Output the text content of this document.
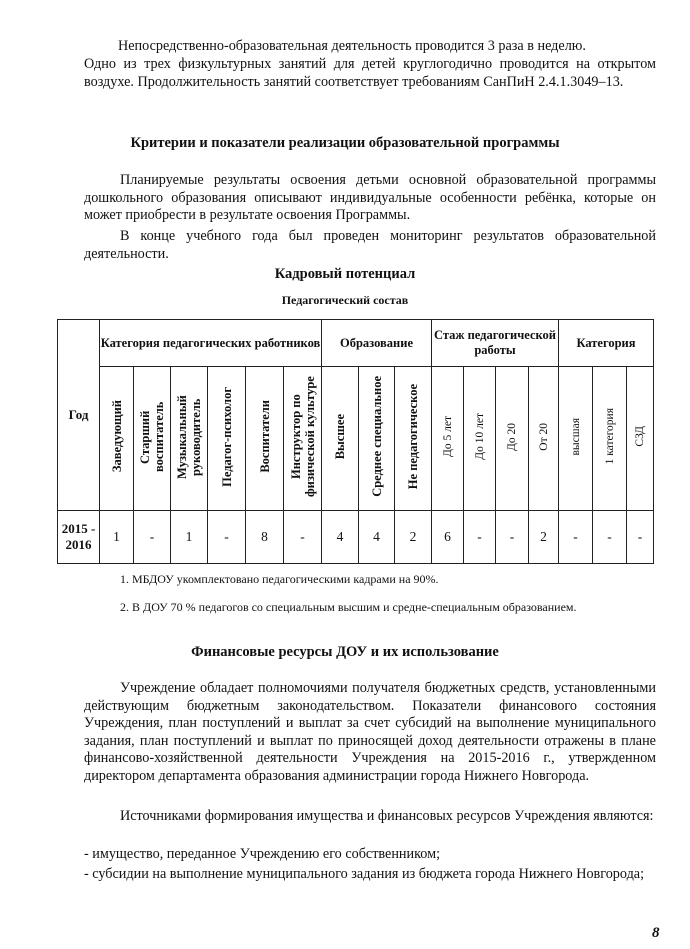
Непосредственно-образовательная деятельность проводится 3 раза в неделю.

Одно из трех физкультурных занятий для детей круглогодично проводится на открытом воздухе. Продолжительность занятий соответствует требованиям СанПиН 2.4.1.3049–13.

Критерии и показатели реализации образовательной программы

Планируемые результаты освоения детьми основной образовательной программы дошкольного образования описывают индивидуальные особенности ребёнка, которые он может приобрести в результате освоения Программы.

В конце учебного года был проведен мониторинг результатов образовательной деятельности.

Кадровый потенциал

Педагогический состав

Год	Категория педагогических работников						Образование			Стаж педагогической работы				Категория		
	Заведующий	Старший воспитатель	Музыкальный руководитель	Педагог-психолог	Воспитатели	Инструктор по физической культуре	Высшее	Среднее специальное	Не педагогическое	До 5 лет	До 10 лет	До 20	От 20	высшая	1 категория	СЗД
2015 - 2016	1	-	1	-	8	-	4	4	2	6	-	-	2	-	-	-

1. МБДОУ укомплектовано педагогическими кадрами на 90%.

2. В ДОУ 70 % педагогов со специальным высшим и средне-специальным образованием.

Финансовые ресурсы ДОУ и их использование

Учреждение обладает полномочиями получателя бюджетных средств, установленными действующим бюджетным законодательством. Показатели финансового состояния Учреждения, план поступлений и выплат за счет субсидий на выполнение муниципального задания, план поступлений и выплат по приносящей доход деятельности отражены в плане финансово-хозяйственной деятельности Учреждения на 2015-2016 г., утвержденном директором департамента образования администрации города Нижнего Новгорода.

Источниками формирования имущества и финансовых ресурсов Учреждения являются:

- имущество, переданное Учреждению его собственником;

- субсидии на выполнение муниципального задания из бюджета города Нижнего Новгорода;

8
